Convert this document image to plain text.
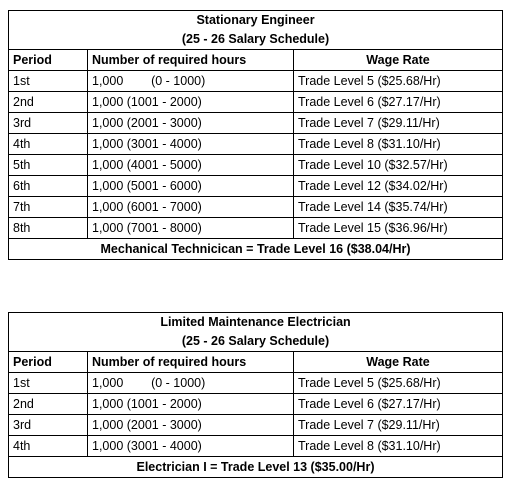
Stationary Engineer
(25 - 26 Salary Schedule)		

Period	Number of required hours	Wage Rate
1st	1,000        (0 - 1000)	Trade Level 5 ($25.68/Hr)
2nd	1,000 (1001 - 2000)	Trade Level 6 ($27.17/Hr)
3rd	1,000 (2001 - 3000)	Trade Level 7 ($29.11/Hr)
4th	1,000 (3001 - 4000)	Trade Level 8 ($31.10/Hr)
5th	1,000 (4001 - 5000)	Trade Level 10 ($32.57/Hr)
6th	1,000 (5001 - 6000)	Trade Level 12 ($34.02/Hr)
7th	1,000 (6001 - 7000)	Trade Level 14 ($35.74/Hr)
8th	1,000 (7001 - 8000)	Trade Level 15 ($36.96/Hr)
Mechanical Technicican = Trade Level 16 ($38.04/Hr)		
Limited Maintenance Electrician
(25 - 26 Salary Schedule)		

Period	Number of required hours	Wage Rate
1st	1,000        (0 - 1000)	Trade Level 5 ($25.68/Hr)
2nd	1,000 (1001 - 2000)	Trade Level 6 ($27.17/Hr)
3rd	1,000 (2001 - 3000)	Trade Level 7 ($29.11/Hr)
4th	1,000 (3001 - 4000)	Trade Level 8 ($31.10/Hr)
Electrician I = Trade Level 13 ($35.00/Hr)		
